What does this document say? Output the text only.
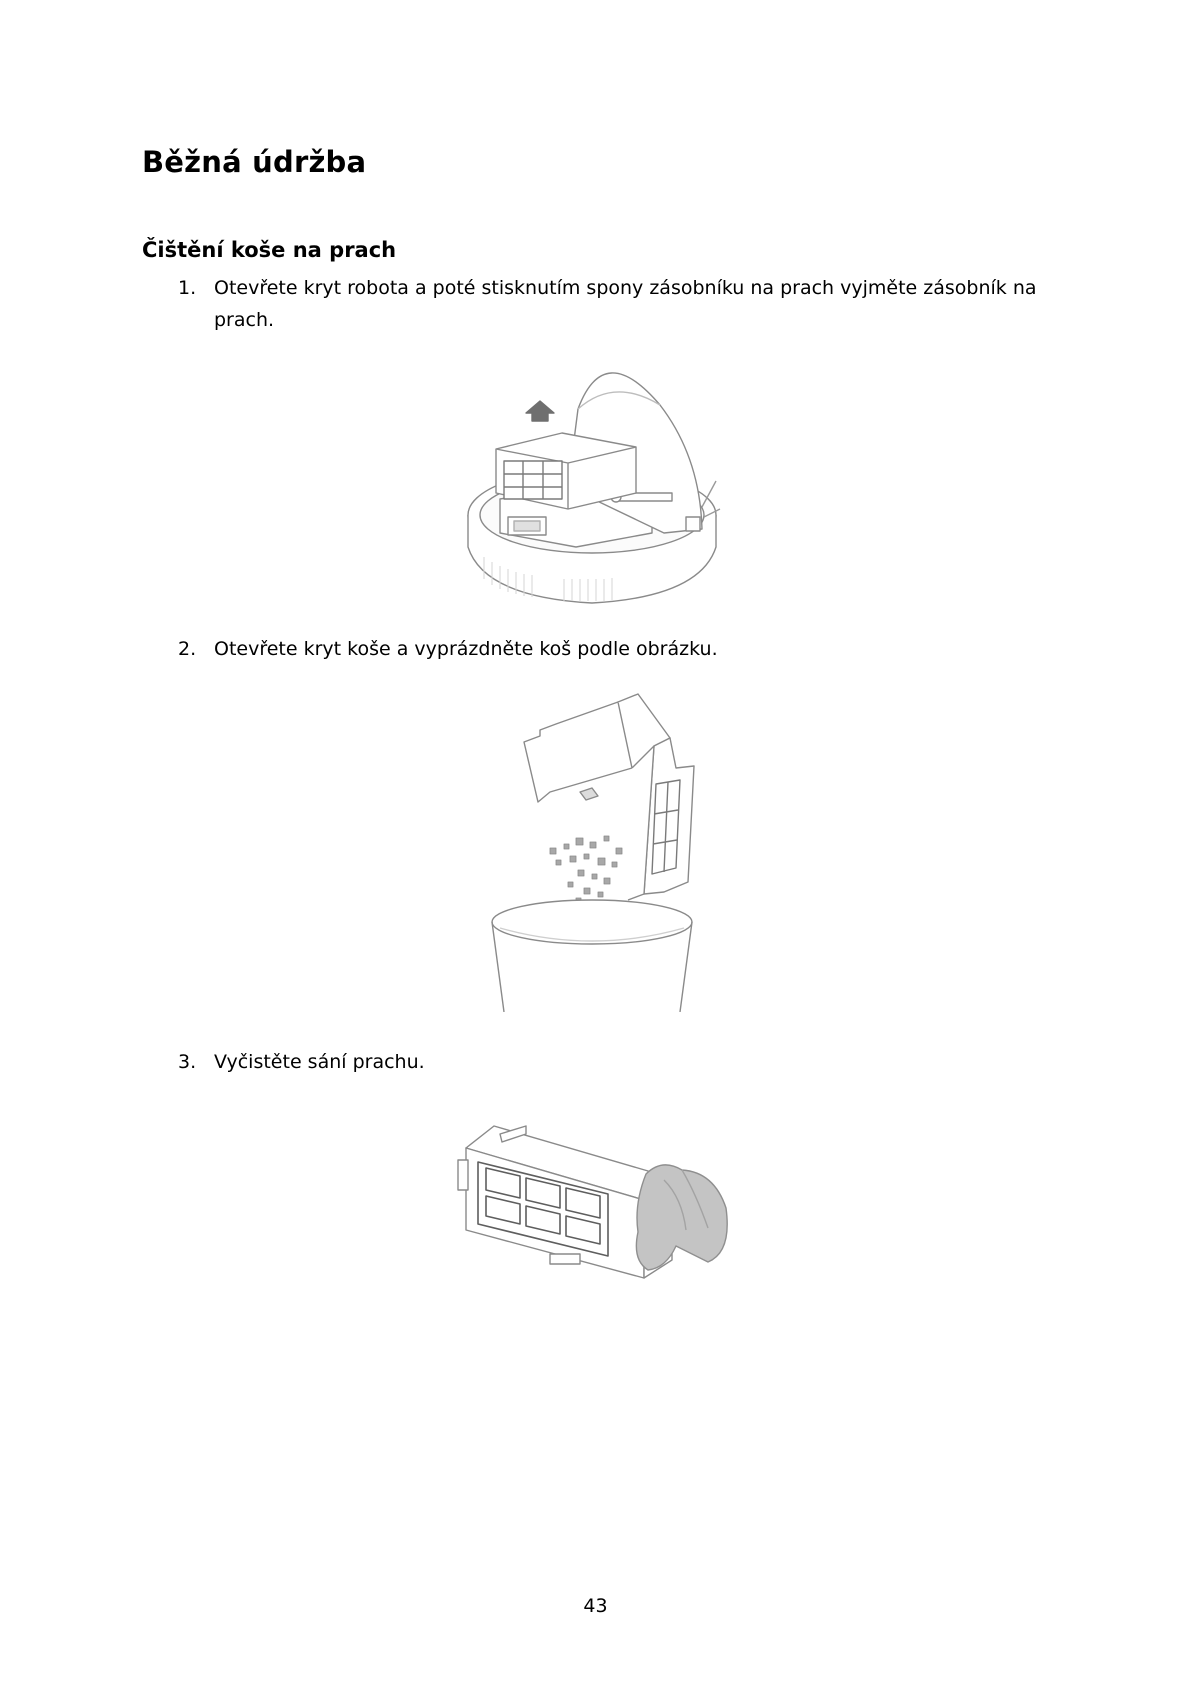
Běžná údržba
Čištění koše na prach
1. Otevřete kryt robota a poté stisknutím spony zásobníku na prach vyjměte zásobník na prach.
2. Otevřete kryt koše a vyprázdněte koš podle obrázku.
3. Vyčistěte sání prachu.
43
